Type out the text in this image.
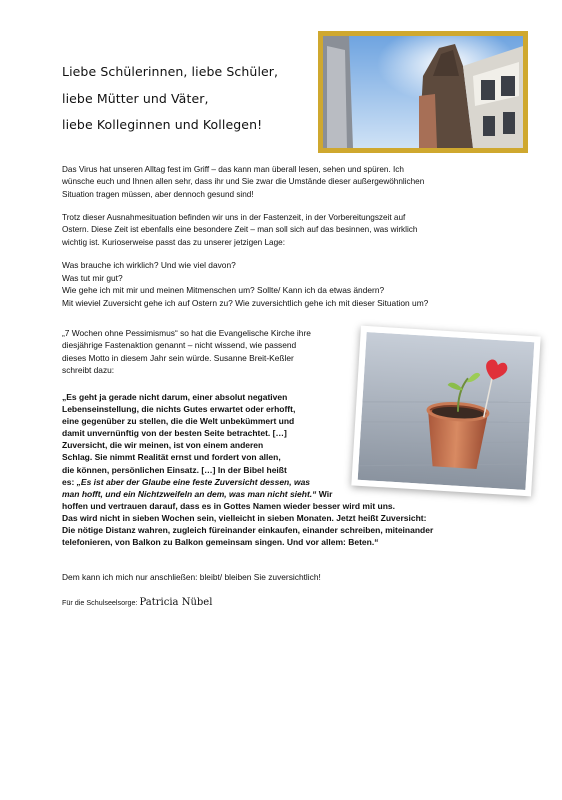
Liebe Schülerinnen, liebe Schüler,
liebe Mütter und Väter,
liebe Kolleginnen und Kollegen!
Das Virus hat unseren Alltag fest im Griff – das kann man überall lesen, sehen und spüren. Ich
wünsche euch und Ihnen allen sehr, dass ihr und Sie zwar die Umstände dieser außergewöhnlichen
Situation tragen müssen, aber dennoch gesund sind!
Trotz dieser Ausnahmesituation befinden wir uns in der Fastenzeit, in der Vorbereitungszeit auf
Ostern. Diese Zeit ist ebenfalls eine besondere Zeit – man soll sich auf das besinnen, was wirklich
wichtig ist. Kurioserweise passt das zu unserer jetzigen Lage:
Was brauche ich wirklich? Und wie viel davon?
Was tut mir gut?
Wie gehe ich mit mir und meinen Mitmenschen um? Sollte/ Kann ich da etwas ändern?
Mit wieviel Zuversicht gehe ich auf Ostern zu? Wie zuversichtlich gehe ich mit dieser Situation um?
„7 Wochen ohne Pessimismus“ so hat die Evangelische Kirche ihre
diesjährige Fastenaktion genannt – nicht wissend, wie passend
dieses Motto in diesem Jahr sein würde. Susanne Breit-Keßler
schreibt dazu:
„Es geht ja gerade nicht darum, einer absolut negativen
Lebenseinstellung, die nichts Gutes erwartet oder erhofft,
eine gegenüber zu stellen, die die Welt unbekümmert und
damit unvernünftig von der besten Seite betrachtet. […]
Zuversicht, die wir meinen, ist von einem anderen
Schlag. Sie nimmt Realität ernst und fordert von allen,
die können, persönlichen Einsatz. […] In der Bibel heißt
es: „Es ist aber der Glaube eine feste Zuversicht dessen, was
man hofft, und ein Nichtzweifeln an dem, was man nicht sieht.“ Wir
hoffen und vertrauen darauf, dass es in Gottes Namen wieder besser wird mit uns.
Das wird nicht in sieben Wochen sein, vielleicht in sieben Monaten. Jetzt heißt Zuversicht:
Die nötige Distanz wahren, zugleich füreinander einkaufen, einander schreiben, miteinander
telefonieren, von Balkon zu Balkon gemeinsam singen. Und vor allem: Beten.“
Dem kann ich mich nur anschließen: bleibt/ bleiben Sie zuversichtlich!
Für die Schulseelsorge: Patricia Nübel
